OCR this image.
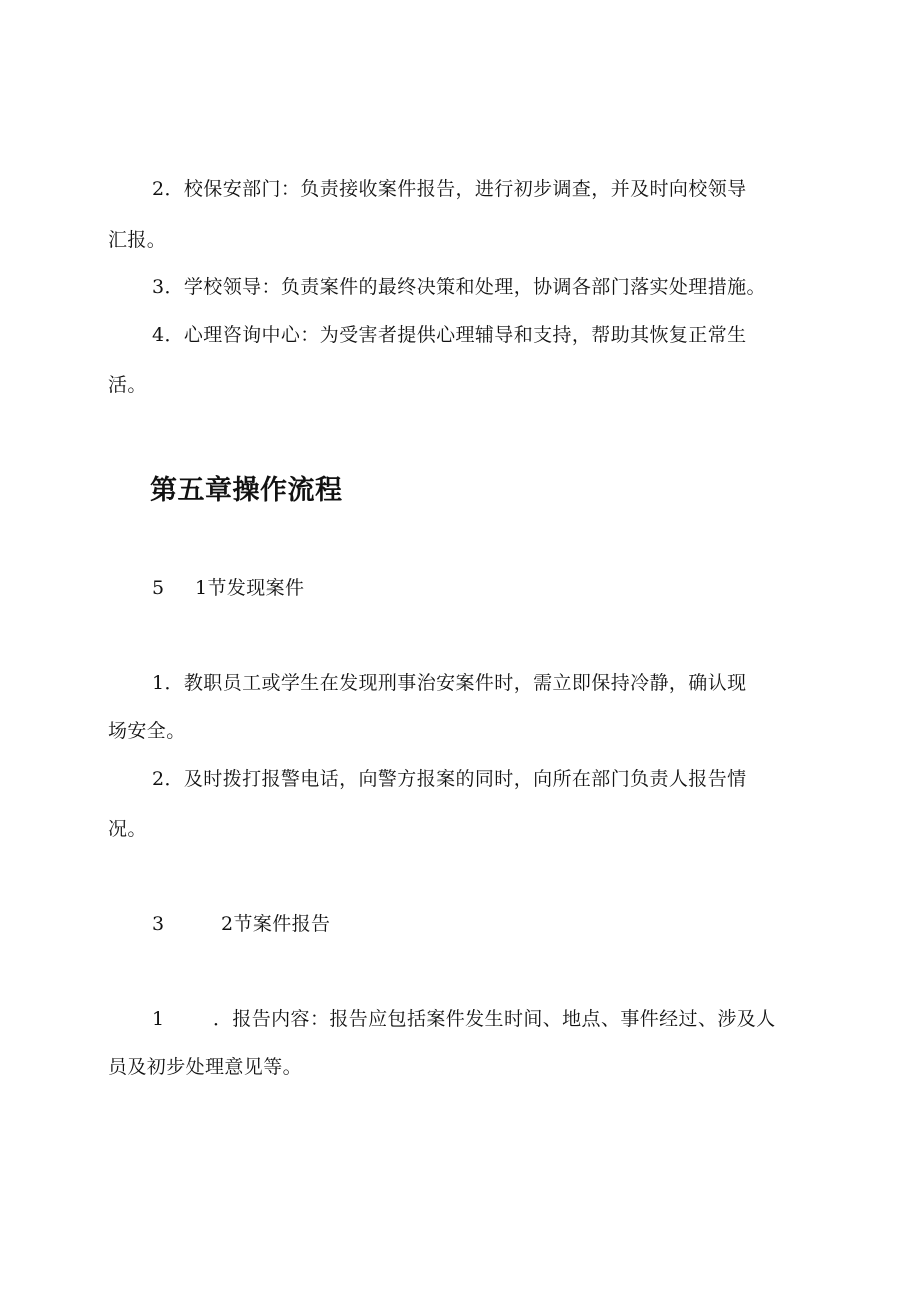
2．校保安部门：负责接收案件报告，进行初步调查，并及时向校领导
汇报。
3．学校领导：负责案件的最终决策和处理，协调各部门落实处理措施。
4．心理咨询中心：为受害者提供心理辅导和支持，帮助其恢复正常生
活。
第五章操作流程
5 1节发现案件
1．教职员工或学生在发现刑事治安案件时，需立即保持冷静，确认现
场安全。
2．及时拨打报警电话，向警方报案的同时，向所在部门负责人报告情
况。
3	2节案件报告
1	．报告内容：报告应包括案件发生时间、地点、事件经过、涉及人
员及初步处理意见等。
